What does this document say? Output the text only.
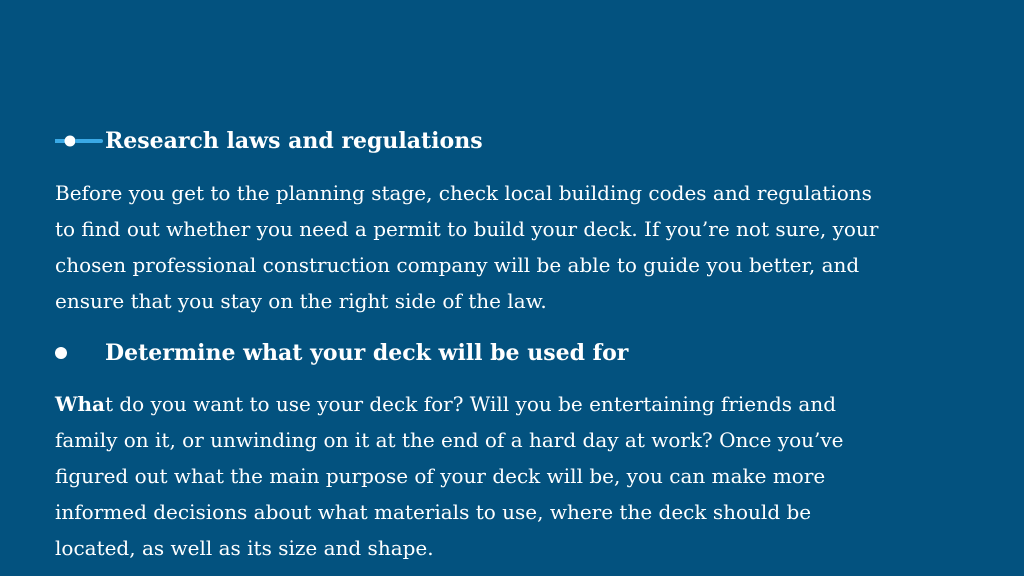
Research laws and regulations

Before you get to the planning stage, check local building codes and regulations
to find out whether you need a permit to build your deck. If you’re not sure, your
chosen professional construction company will be able to guide you better, and
ensure that you stay on the right side of the law.

Determine what your deck will be used for

What do you want to use your deck for? Will you be entertaining friends and
family on it, or unwinding on it at the end of a hard day at work? Once you’ve
figured out what the main purpose of your deck will be, you can make more
informed decisions about what materials to use, where the deck should be
located, as well as its size and shape.
